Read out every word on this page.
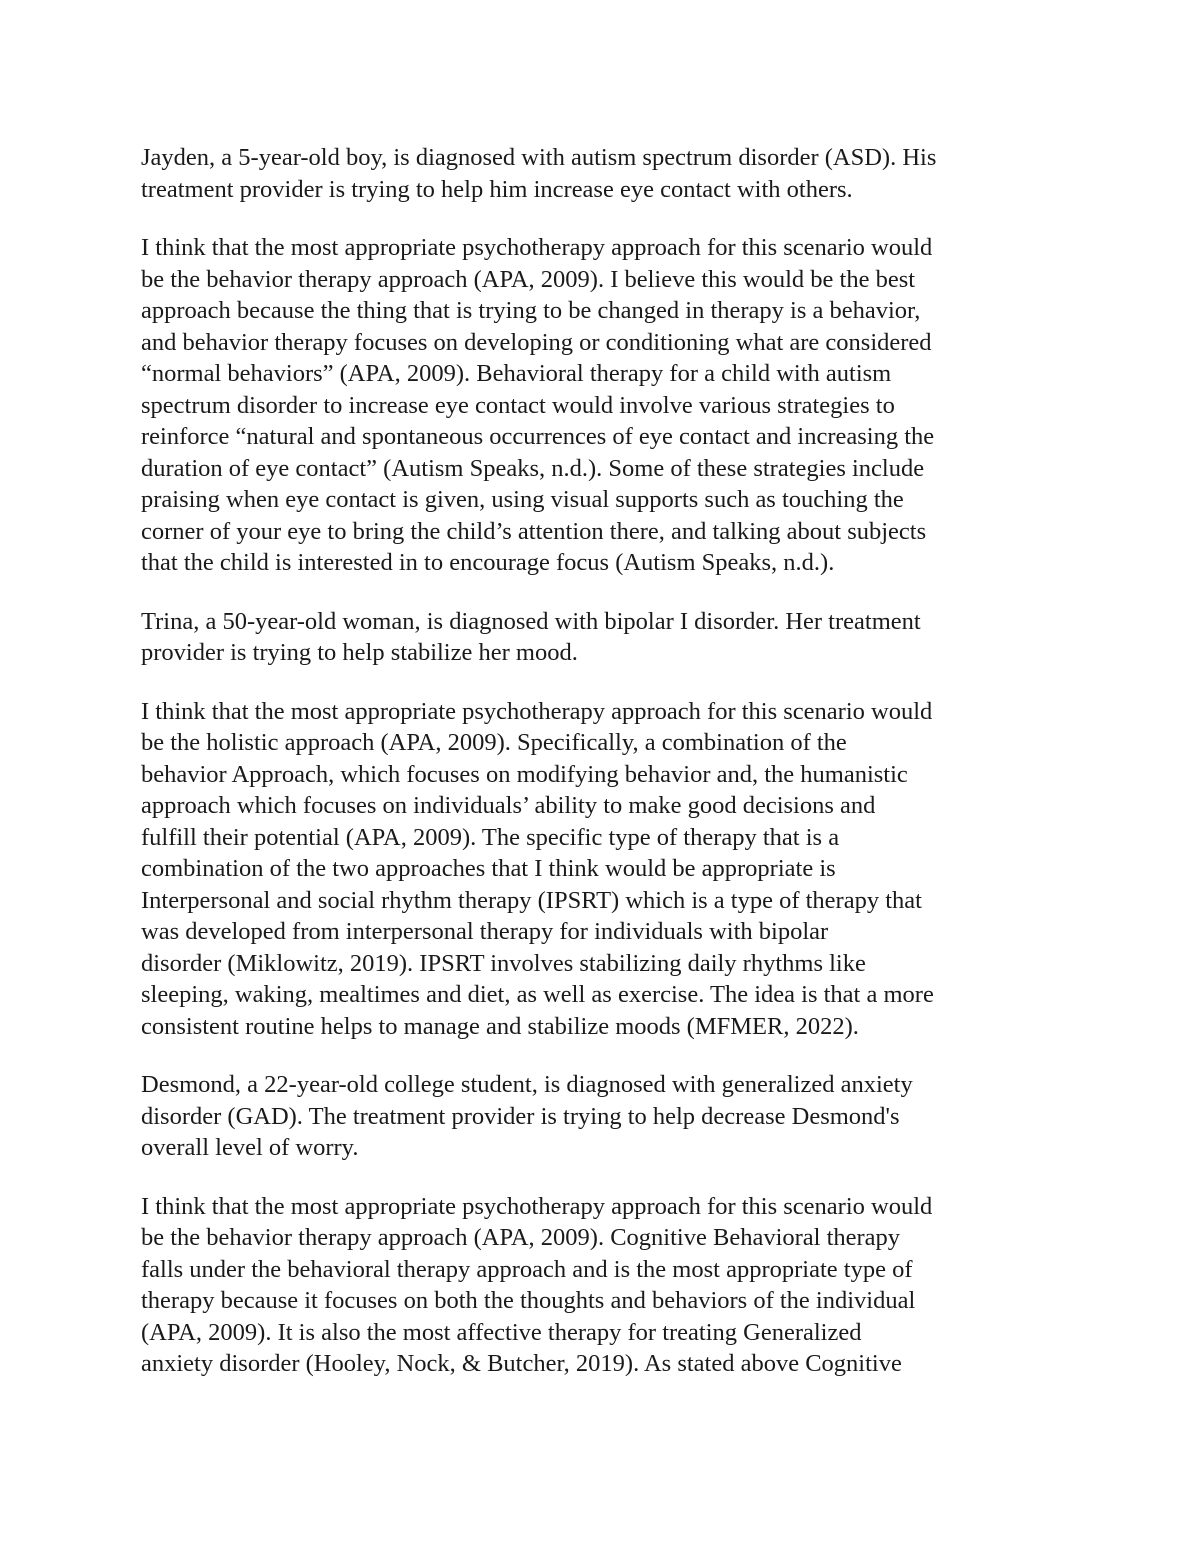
Jayden, a 5-year-old boy, is diagnosed with autism spectrum disorder (ASD). His
treatment provider is trying to help him increase eye contact with others.

I think that the most appropriate psychotherapy approach for this scenario would
be the behavior therapy approach (APA, 2009). I believe this would be the best
approach because the thing that is trying to be changed in therapy is a behavior,
and behavior therapy focuses on developing or conditioning what are considered
“normal behaviors” (APA, 2009). Behavioral therapy for a child with autism
spectrum disorder to increase eye contact would involve various strategies to
reinforce “natural and spontaneous occurrences of eye contact and increasing the
duration of eye contact” (Autism Speaks, n.d.). Some of these strategies include
praising when eye contact is given, using visual supports such as touching the
corner of your eye to bring the child’s attention there, and talking about subjects
that the child is interested in to encourage focus (Autism Speaks, n.d.).

Trina, a 50-year-old woman, is diagnosed with bipolar I disorder. Her treatment
provider is trying to help stabilize her mood.

I think that the most appropriate psychotherapy approach for this scenario would
be the holistic approach (APA, 2009). Specifically, a combination of the
behavior Approach, which focuses on modifying behavior and, the humanistic
approach which focuses on individuals’ ability to make good decisions and
fulfill their potential (APA, 2009). The specific type of therapy that is a
combination of the two approaches that I think would be appropriate is
Interpersonal and social rhythm therapy (IPSRT) which is a type of therapy that
was developed from interpersonal therapy for individuals with bipolar
disorder (Miklowitz, 2019). IPSRT involves stabilizing daily rhythms like
sleeping, waking, mealtimes and diet, as well as exercise. The idea is that a more
consistent routine helps to manage and stabilize moods (MFMER, 2022).

Desmond, a 22-year-old college student, is diagnosed with generalized anxiety
disorder (GAD). The treatment provider is trying to help decrease Desmond's
overall level of worry.

I think that the most appropriate psychotherapy approach for this scenario would
be the behavior therapy approach (APA, 2009). Cognitive Behavioral therapy
falls under the behavioral therapy approach and is the most appropriate type of
therapy because it focuses on both the thoughts and behaviors of the individual
(APA, 2009). It is also the most affective therapy for treating Generalized
anxiety disorder (Hooley, Nock, & Butcher, 2019). As stated above Cognitive
